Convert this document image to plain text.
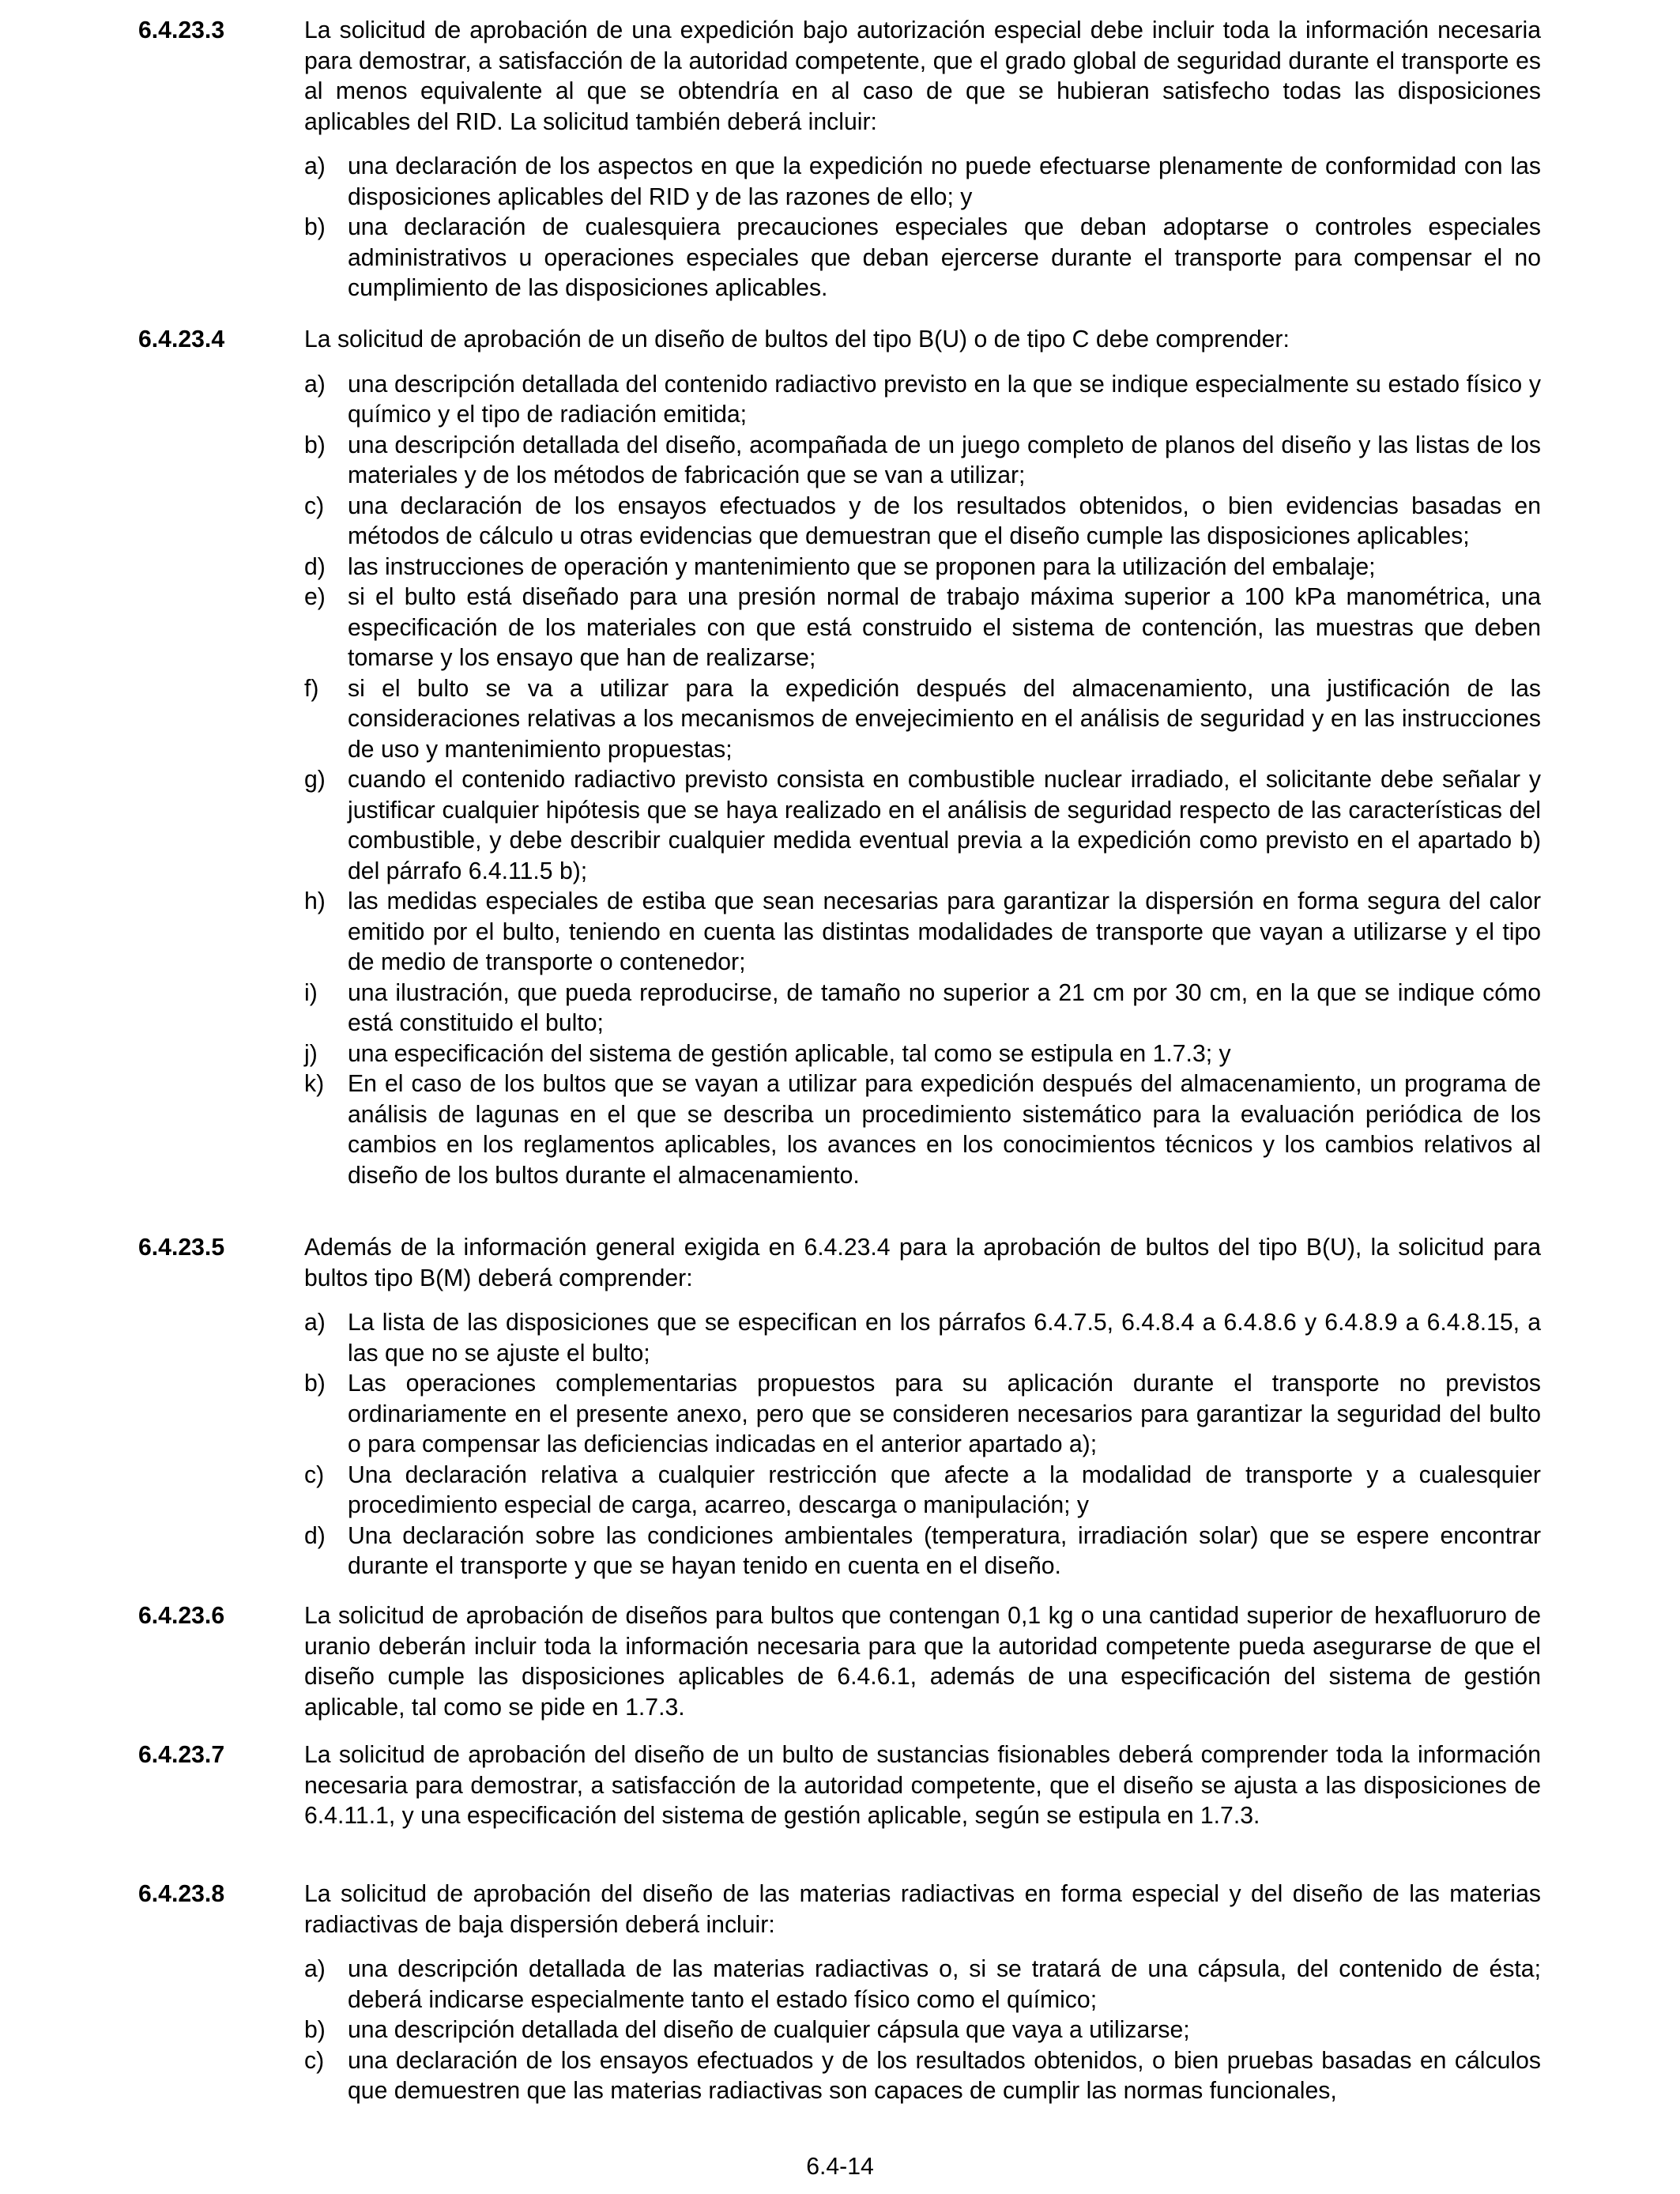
6.4.23.3	La solicitud de aprobación de una expedición bajo autorización especial debe incluir toda la información necesaria para demostrar, a satisfacción de la autoridad competente, que el grado global de seguridad durante el transporte es al menos equivalente al que se obtendría en al caso de que se hubieran satisfecho todas las disposiciones aplicables del RID. La solicitud también deberá incluir:

a) una declaración de los aspectos en que la expedición no puede efectuarse plenamente de conformidad con las disposiciones aplicables del RID y de las razones de ello; y
b) una declaración de cualesquiera precauciones especiales que deban adoptarse o controles especiales administrativos u operaciones especiales que deban ejercerse durante el transporte para compensar el no cumplimiento de las disposiciones aplicables.
6.4.23.4	La solicitud de aprobación de un diseño de bultos del tipo B(U) o de tipo C debe comprender:

a) una descripción detallada del contenido radiactivo previsto en la que se indique especialmente su estado físico y químico y el tipo de radiación emitida;
b) una descripción detallada del diseño, acompañada de un juego completo de planos del diseño y las listas de los materiales y de los métodos de fabricación que se van a utilizar;
c) una declaración de los ensayos efectuados y de los resultados obtenidos, o bien evidencias basadas en métodos de cálculo u otras evidencias que demuestran que el diseño cumple las disposiciones aplicables;
d) las instrucciones de operación y mantenimiento que se proponen para la utilización del embalaje;
e) si el bulto está diseñado para una presión normal de trabajo máxima superior a 100 kPa manométrica, una especificación de los materiales con que está construido el sistema de contención, las muestras que deben tomarse y los ensayo que han de realizarse;
f)	si el bulto se va a utilizar para la expedición después del almacenamiento, una justificación de las consideraciones relativas a los mecanismos de envejecimiento en el análisis de seguridad y en las instrucciones de uso y mantenimiento propuestas;
g) cuando el contenido radiactivo previsto consista en combustible nuclear irradiado, el solicitante debe señalar y justificar cualquier hipótesis que se haya realizado en el análisis de seguridad respecto de las características del combustible, y debe describir cualquier medida eventual previa a la expedición como previsto en el apartado b) del párrafo 6.4.11.5 b);
h) las medidas especiales de estiba que sean necesarias para garantizar la dispersión en forma segura del calor emitido por el bulto, teniendo en cuenta las distintas modalidades de transporte que vayan a utilizarse y el tipo de medio de transporte o contenedor;
i)	una ilustración, que pueda reproducirse, de tamaño no superior a 21 cm por 30 cm, en la que se indique cómo está constituido el bulto;
j)	una especificación del sistema de gestión aplicable, tal como se estipula en 1.7.3; y
k) En el caso de los bultos que se vayan a utilizar para expedición después del almacenamiento, un programa de análisis de lagunas en el que se describa un procedimiento sistemático para la evaluación periódica de los cambios en los reglamentos aplicables, los avances en los conocimientos técnicos y los cambios relativos al diseño de los bultos durante el almacenamiento.
6.4.23.5	Además de la información general exigida en 6.4.23.4 para la aprobación de bultos del tipo B(U), la solicitud para bultos tipo B(M) deberá comprender:

a) La lista de las disposiciones que se especifican en los párrafos 6.4.7.5, 6.4.8.4 a 6.4.8.6 y 6.4.8.9 a 6.4.8.15, a las que no se ajuste el bulto;
b) Las operaciones complementarias propuestos para su aplicación durante el transporte no previstos ordinariamente en el presente anexo, pero que se consideren necesarios para garantizar la seguridad del bulto o para compensar las deficiencias indicadas en el anterior apartado a);
c) Una declaración relativa a cualquier restricción que afecte a la modalidad de transporte y a cualesquier procedimiento especial de carga, acarreo, descarga o manipulación; y
d) Una declaración sobre las condiciones ambientales (temperatura, irradiación solar) que se espere encontrar durante el transporte y que se hayan tenido en cuenta en el diseño.
6.4.23.6	La solicitud de aprobación de diseños para bultos que contengan 0,1 kg o una cantidad superior de hexafluoruro de uranio deberán incluir toda la información necesaria para que la autoridad competente pueda asegurarse de que el diseño cumple las disposiciones aplicables de 6.4.6.1, además de una especificación del sistema de gestión aplicable, tal como se pide en 1.7.3.

6.4.23.7	La solicitud de aprobación del diseño de un bulto de sustancias fisionables deberá comprender toda la información necesaria para demostrar, a satisfacción de la autoridad competente, que el diseño se ajusta a las disposiciones de 6.4.11.1, y una especificación del sistema de gestión aplicable, según se estipula en 1.7.3.

6.4.23.8	La solicitud de aprobación del diseño de las materias radiactivas en forma especial y del diseño de las materias radiactivas de baja dispersión deberá incluir:

a) una descripción detallada de las materias radiactivas o, si se tratará de una cápsula, del contenido de ésta; deberá indicarse especialmente tanto el estado físico como el químico;
b) una descripción detallada del diseño de cualquier cápsula que vaya a utilizarse;
c) una declaración de los ensayos efectuados y de los resultados obtenidos, o bien pruebas basadas en cálculos que demuestren que las materias radiactivas son capaces de cumplir las normas funcionales,
6.4-14
